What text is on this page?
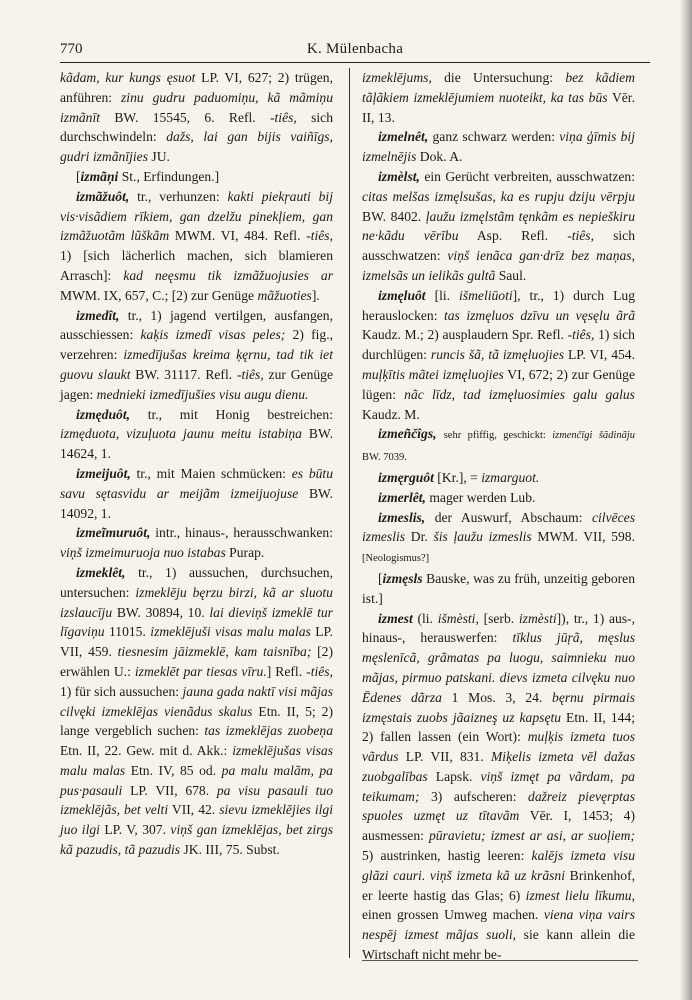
770	K. Mülenbacha

kãdam, kur kungs ęsuot LP. VI, 627; 2) trügen, anführen: zinu gudru paduomiņu, kã mãmiņu izmãnīt BW. 15545, 6. Refl. -tiês, sich durchschwindeln: dažs, lai gan bijis vaiñīgs, gudri izmãnījies JU.

[izmãņi St., Erfindungen.]

izmãžuôt, tr., verhunzen: kakti piekŗauti bij vis·visãdiem rīkiem, gan dzelžu pinekļiem, gan izmãžuotãm lũškãm MWM. VI, 484. Refl. -tiês, 1) [sich lächerlich machen, sich blamieren Arrasch]: kad neęsmu tik izmãžuojusies ar MWM. IX, 657, C.; [2) zur Genüge mãžuoties].

izmedît, tr., 1) jagend vertilgen, ausfangen, ausschiessen: kaķis izmedī visas peles; 2) fig., verzehren: izmedījušas kreima ķęrnu, tad tik iet guovu slaukt BW. 31117. Refl. -tiês, zur Genüge jagen: mednieki izmedījušies visu augu dienu.

izmęduôt, tr., mit Honig bestreichen: izmęduota, vizuļuota jaunu meitu istabiņa BW. 14624, 1.

izmeijuôt, tr., mit Maien schmücken: es būtu savu sętasvidu ar meijãm izmeijuojuse BW. 14092, 1.

izmeĩmuruôt, intr., hinaus-, herausschwanken: viņš izmeimuruoja nuo istabas Purap.

izmeklêt, tr., 1) aussuchen, durchsuchen, untersuchen: izmeklēju bęrzu birzi, kã ar sluotu izslaucīju BW. 30894, 10. lai dieviņš izmeklē tur līgaviņu 11015. izmeklējuši visas malu malas LP. VII, 459. tiesnesim jāizmeklē, kam taisnība; [2) erwählen U.: izmeklēt par tiesas vīru.] Refl. -tiês, 1) für sich aussuchen: jauna gada naktī visi mãjas cilvęki izmeklējas vienãdus skalus Etn. II, 5; 2) lange vergeblich suchen: tas izmeklējas zuobeņa Etn. II, 22. Gew. mit d. Akk.: izmeklējušas visas malu malas Etn. IV, 85 od. pa malu malãm, pa pus·pasauli LP. VII, 678. pa visu pasauli tuo izmeklējãs, bet velti VII, 42. sievu izmeklējies ilgi juo ilgi LP. V, 307. viņš gan izmeklējas, bet zirgs kã pazudis, tã pazudis JK. III, 75. Subst.

izmeklējums, die Untersuchung: bez kãdiem tãļãkiem izmeklējumiem nuoteikt, ka tas būs Vēr. II, 13.

izmelnêt, ganz schwarz werden: viņa ģīmis bij izmelnējis Dok. A.

izmèlst, ein Gerücht verbreiten, ausschwatzen: citas melšas izmęlsušas, ka es rupju dziju vērpju BW. 8402. ļaužu izmęlstãm tęnkãm es nepieškiru ne·kãdu vērību Asp. Refl. -tiês, sich ausschwatzen: viņš ienãca gan·drīz bez maņas, izmelsãs un ielikãs gultã Saul.

izmęluôt [li. išmeliūoti], tr., 1) durch Lug herauslocken: tas izmęluos dzīvu un vęsęlu ãrã Kaudz. M.; 2) ausplaudern Spr. Refl. -tiês, 1) sich durchlügen: runcis šã, tã izmęluojies LP. VI, 454. muļķītis mãtei izmęluojies VI, 672; 2) zur Genüge lügen: nãc līdz, tad izmęluosimies galu galus Kaudz. M.

izmeñčîgs, sehr pfiffig, geschickt: izmenčīgi šãdinãju BW. 7039.

izmęrguôt [Kr.], = izmarguot.

izmerlêt, mager werden Lub.

izmeslis, der Auswurf, Abschaum: cilvēces izmeslis Dr. šis ļaužu izmeslis MWM. VII, 598. [Neologismus?]

[izmęsls Bauske, was zu früh, unzeitig geboren ist.]

izmest (li. išmèsti, [serb. izmèsti]), tr., 1) aus-, hinaus-, herauswerfen: tīklus jūŗã, męslus męslenīcã, grãmatas pa luogu, saimnieku nuo mãjas, pirmuo patskani. dievs izmeta cilvęku nuo Ēdenes dãrza 1 Mos. 3, 24. bęrnu pirmais izmęstais zuobs jãaizneş uz kapsętu Etn. II, 144; 2) fallen lassen (ein Wort): muļķis izmeta tuos vãrdus LP. VII, 831. Miķelis izmeta vēl dažas zuobgalības Lapsk. viņš izmęt pa vãrdam, pa teikumam; 3) aufscheren: dažreiz pievęrptas spuoles uzmęt uz tītavãm Vēr. I, 1453; 4) ausmessen: pūravietu; izmest ar asi, ar suoļiem; 5) austrinken, hastig leeren: kalējs izmeta visu glãzi cauri. viņš izmeta kã uz krãsni Brinkenhof, er leerte hastig das Glas; 6) izmest lielu līkumu, einen grossen Umweg machen. viena viņa vairs nespēj izmest mãjas suoli, sie kann allein die Wirtschaft nicht mehr be-
